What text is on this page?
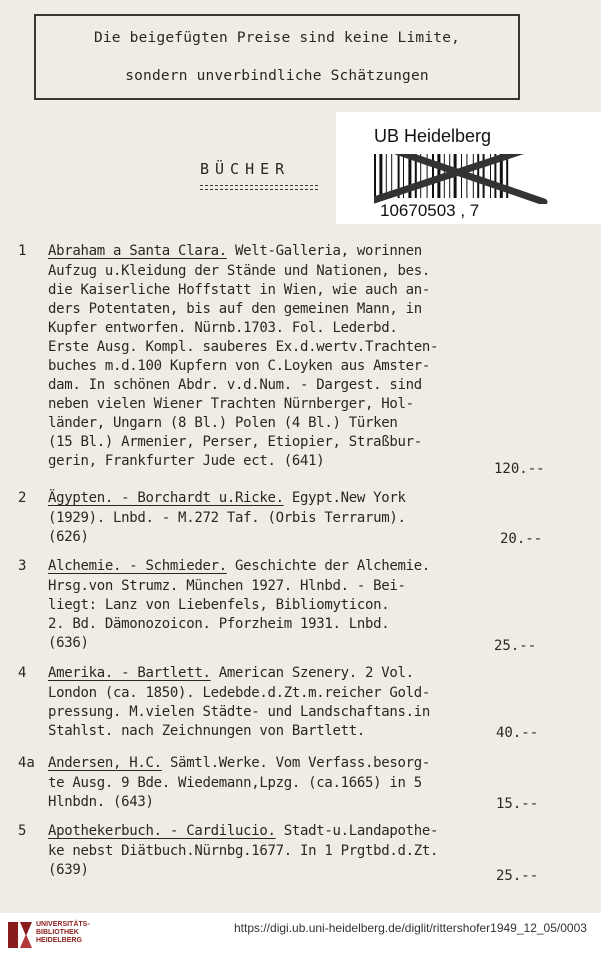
Die beigefügten Preise sind keine Limite,
sondern unverbindliche Schätzungen
BÜCHER
UB Heidelberg
10670503 , 7
1 Abraham a Santa Clara. Welt-Galleria, worinnen
Aufzug u.Kleidung der Stände und Nationen, bes.
die Kaiserliche Hoffstatt in Wien, wie auch an-
ders Potentaten, bis auf den gemeinen Mann, in
Kupfer entworfen. Nürnb.1703. Fol. Lederbd.
Erste Ausg. Kompl. sauberes Ex.d.wertv.Trachten-
buches m.d.100 Kupfern von C.Loyken aus Amster-
dam. In schönen Abdr. v.d.Num. - Dargest. sind
neben vielen Wiener Trachten Nürnberger, Hol-
länder, Ungarn (8 Bl.) Polen (4 Bl.) Türken
(15 Bl.) Armenier, Perser, Etiopier, Straßbur-
gerin, Frankfurter Jude ect. (641)	120.--
2 Ägypten. - Borchardt u.Ricke. Egypt.New York
(1929). Lnbd. - M.272 Taf. (Orbis Terrarum).
(626)	20.--
3 Alchemie. - Schmieder. Geschichte der Alchemie.
Hrsg.von Strumz. München 1927. Hlnbd. - Bei-
liegt: Lanz von Liebenfels, Bibliomyticon.
2. Bd. Dämonozoicon. Pforzheim 1931. Lnbd.
(636)	25.--
4 Amerika. - Bartlett. American Szenery. 2 Vol.
London (ca. 1850). Ledebde.d.Zt.m.reicher Gold-
pressung. M.vielen Städte- und Landschaftans.in
Stahlst. nach Zeichnungen von Bartlett.	40.--
4a Andersen, H.C. Sämtl.Werke. Vom Verfass.besorg-
te Ausg. 9 Bde. Wiedemann,Lpzg. (ca.1665) in 5
Hlnbdn. (643)	15.--
5 Apothekerbuch. - Cardilucio. Stadt-u.Landapothe-
ke nebst Diätbuch.Nürnbg.1677. In 1 Prgtbd.d.Zt.
(639)	25.--
UNIVERSITÄTS-
BIBLIOTHEK
HEIDELBERG
https://digi.ub.uni-heidelberg.de/diglit/rittershofer1949_12_05/0003
